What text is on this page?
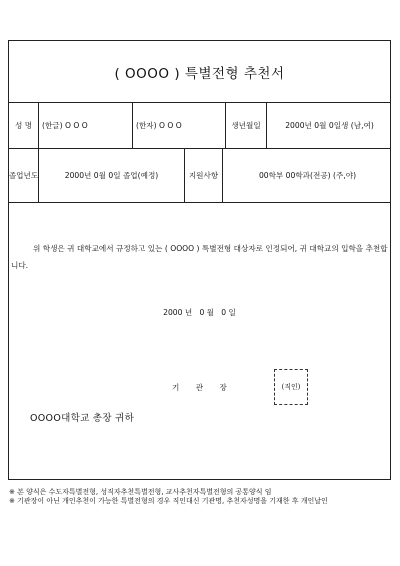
( OOOO ) 특별전형 추천서
성 명	(한글) O O O	(한자) O O O	생년월일	2000년 0월 0일생 (남,여)
졸업년도	2000년 0월 0일 졸업(예정)	지원사항	00학부 00학과(전공) (주,야)
위 학생은 귀 대학교에서 규정하고 있는 ( OOOO ) 특별전형 대상자로 인정되어, 귀 대학교의 입학을 추천합니다.
2000 년   0 월   0 일
기 관 장	(직인)
OOOO대학교 총장 귀하
※ 본 양식은 수도자특별전형, 성직자추천특별전형, 교사추천자특별전형의 공통양식 임
※ 기관장이 아닌 개인추천이 가능한 특별전형의 경우 직인대신 기관명, 추천자성명을 기재한 후 개인날인
